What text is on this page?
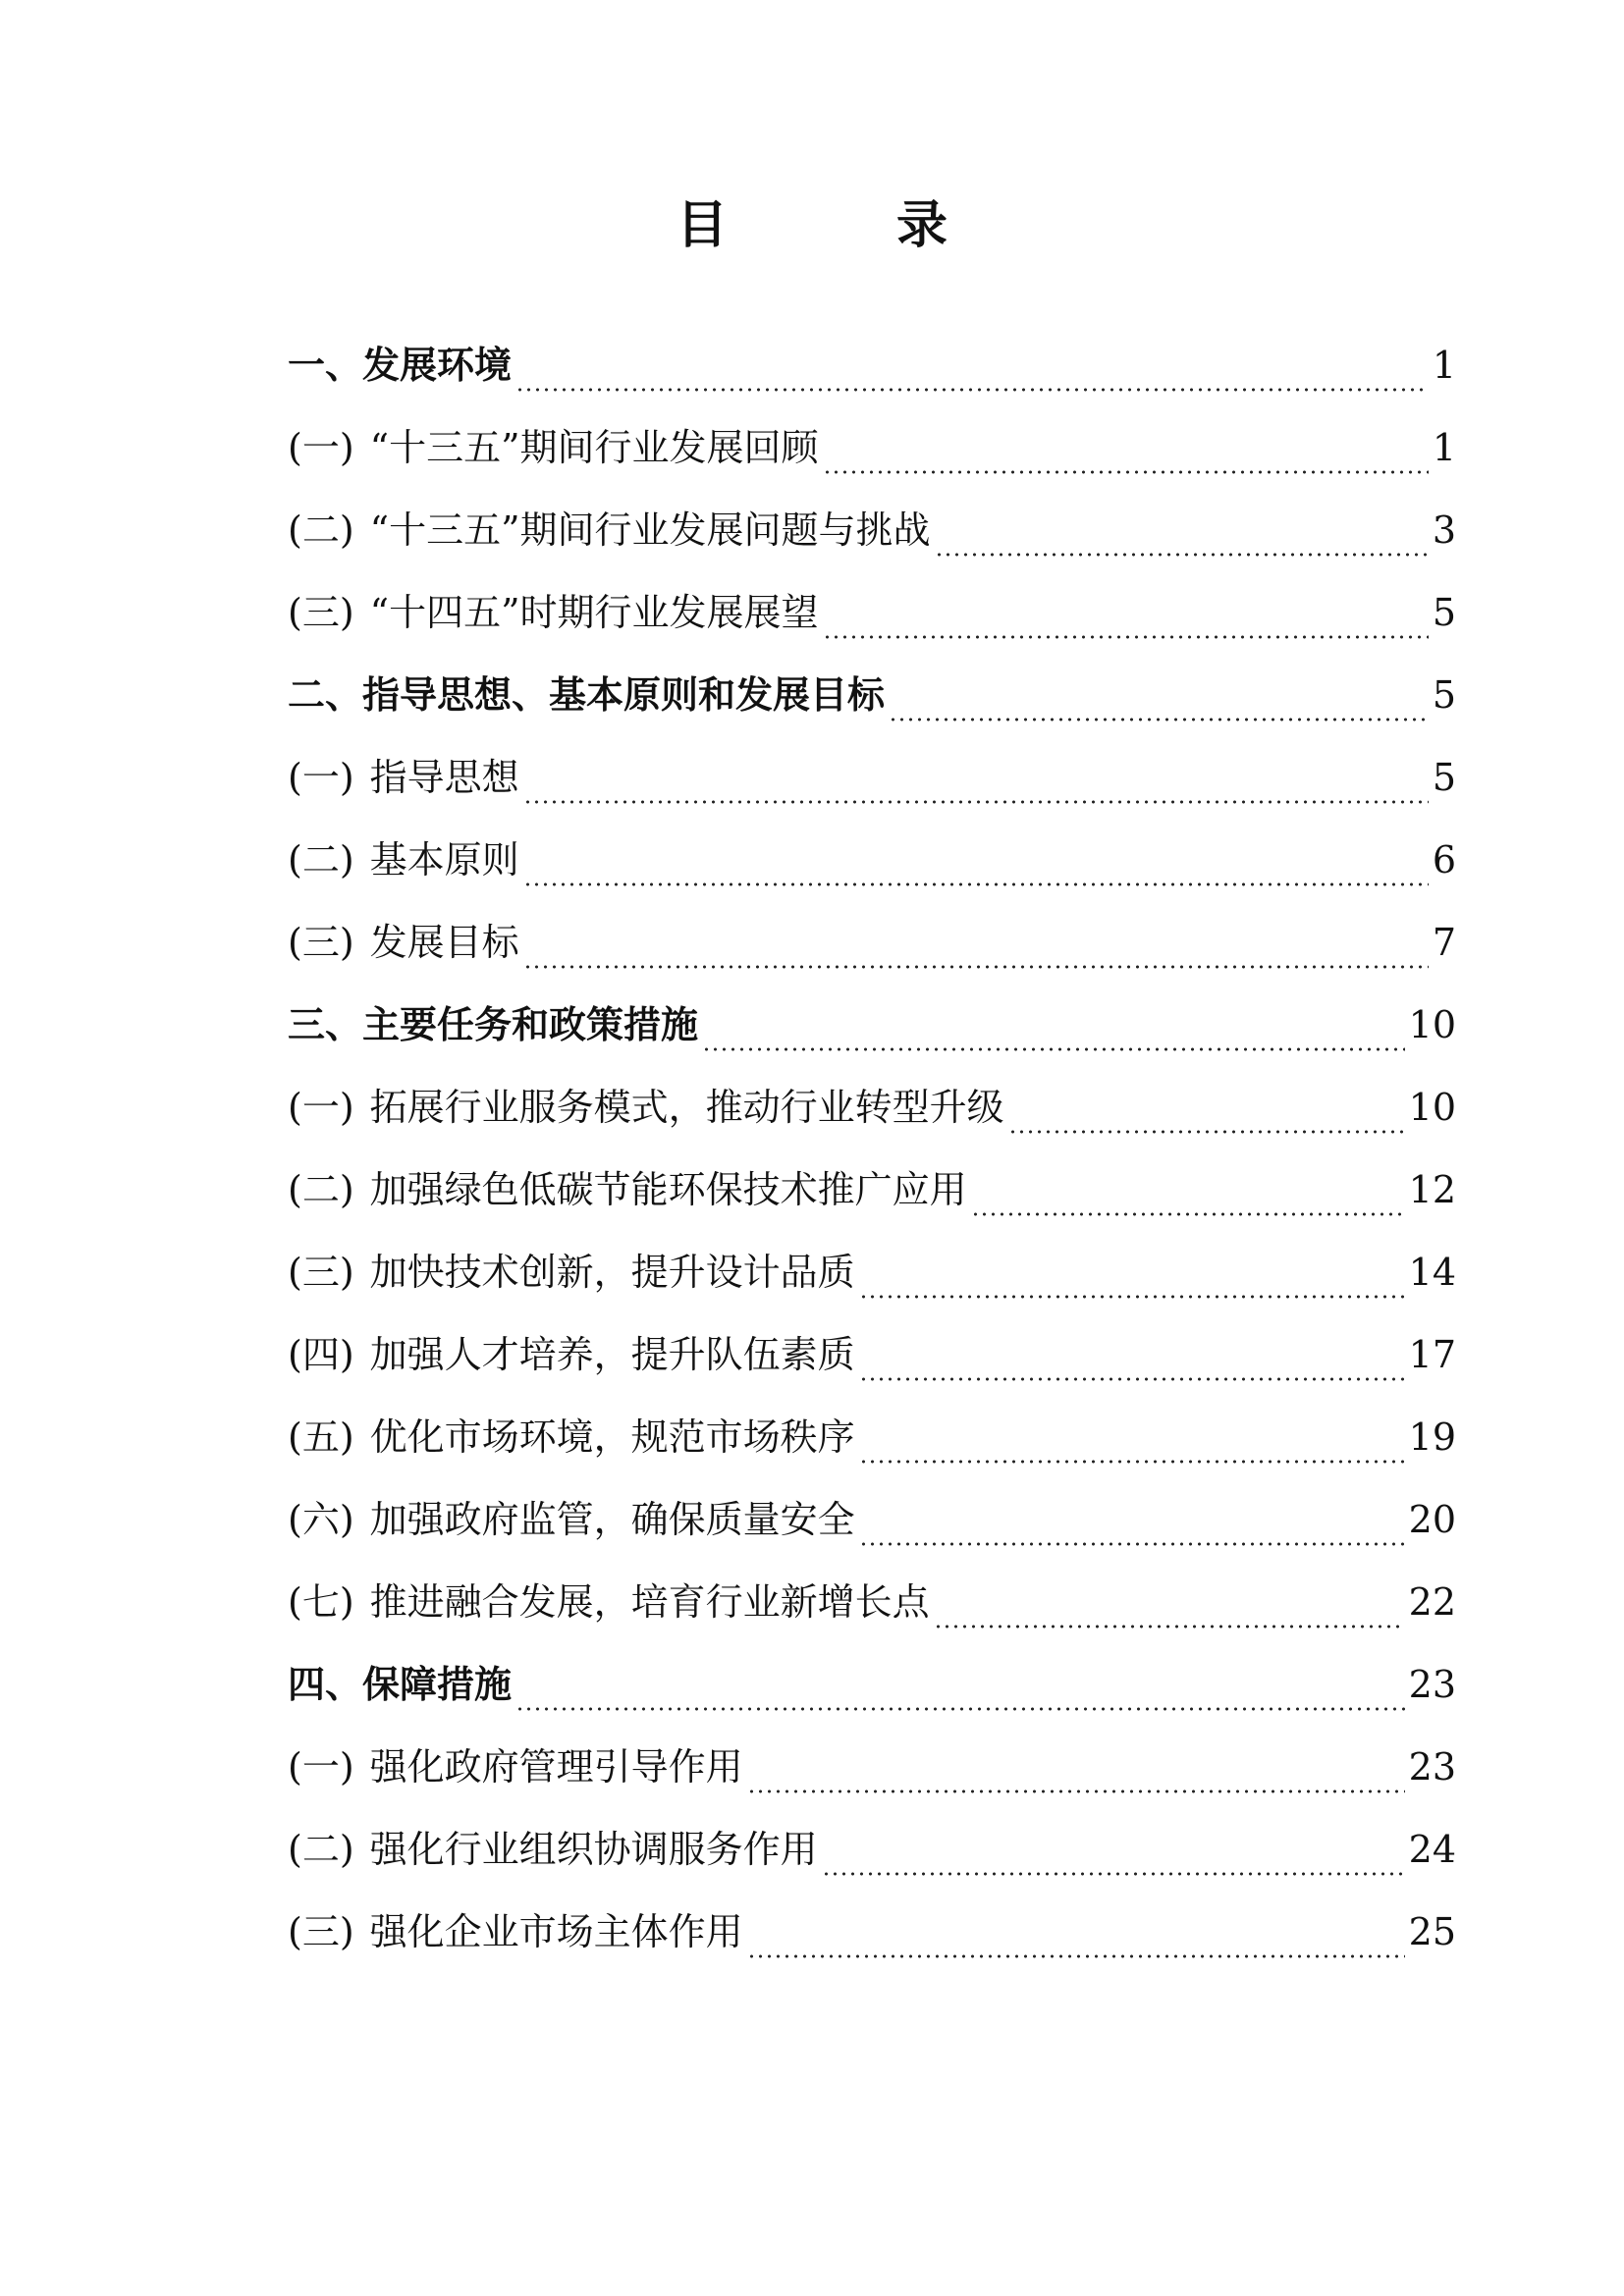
目　录
一、发展环境	1
(一) “十三五”期间行业发展回顾	1
(二) “十三五”期间行业发展问题与挑战	3
(三) “十四五”时期行业发展展望	5
二、指导思想、基本原则和发展目标	5
(一) 指导思想	5
(二) 基本原则	6
(三) 发展目标	7
三、主要任务和政策措施	10
(一) 拓展行业服务模式，推动行业转型升级	10
(二) 加强绿色低碳节能环保技术推广应用	12
(三) 加快技术创新，提升设计品质	14
(四) 加强人才培养，提升队伍素质	17
(五) 优化市场环境，规范市场秩序	19
(六) 加强政府监管，确保质量安全	20
(七) 推进融合发展，培育行业新增长点	22
四、保障措施	23
(一) 强化政府管理引导作用	23
(二) 强化行业组织协调服务作用	24
(三) 强化企业市场主体作用	25
